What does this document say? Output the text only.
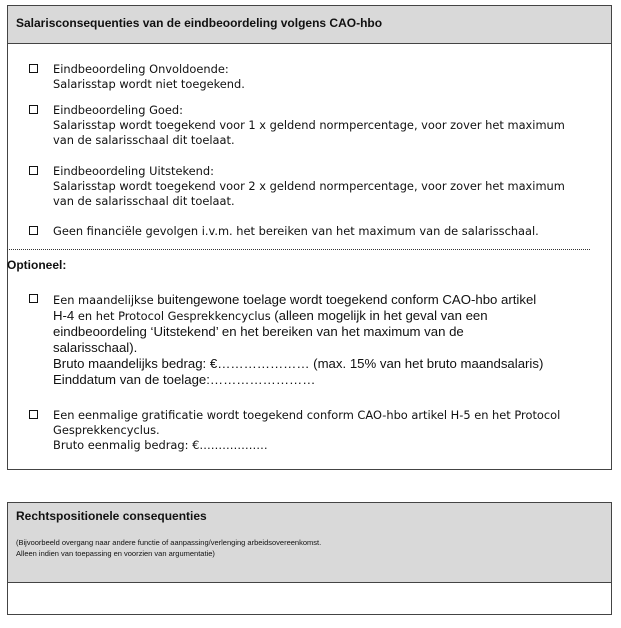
Salarisconsequenties van de eindbeoordeling volgens CAO-hbo
Eindbeoordeling Onvoldoende:
Salarisstap wordt niet toegekend.
Eindbeoordeling Goed:
Salarisstap wordt toegekend voor 1 x geldend normpercentage, voor zover het maximum
van de salarisschaal dit toelaat.
Eindbeoordeling Uitstekend:
Salarisstap wordt toegekend voor 2 x geldend normpercentage, voor zover het maximum
van de salarisschaal dit toelaat.
Geen financiële gevolgen i.v.m. het bereiken van het maximum van de salarisschaal.
Optioneel:
Een maandelijkse buitengewone toelage wordt toegekend conform CAO-hbo artikel
H-4 en het Protocol Gesprekkencyclus (alleen mogelijk in het geval van een
eindbeoordeling ‘Uitstekend’ en het bereiken van het maximum van de
salarisschaal).
Bruto maandelijks bedrag: €………………… (max. 15% van het bruto maandsalaris)
Einddatum van de toelage:……………………
Een eenmalige gratificatie wordt toegekend conform CAO-hbo artikel H-5 en het Protocol
Gesprekkencyclus.
Bruto eenmalig bedrag: €………………
Rechtspositionele consequenties
(Bijvoorbeeld overgang naar andere functie of aanpassing/verlenging arbeidsovereenkomst.
Alleen indien van toepassing en voorzien van argumentatie)
